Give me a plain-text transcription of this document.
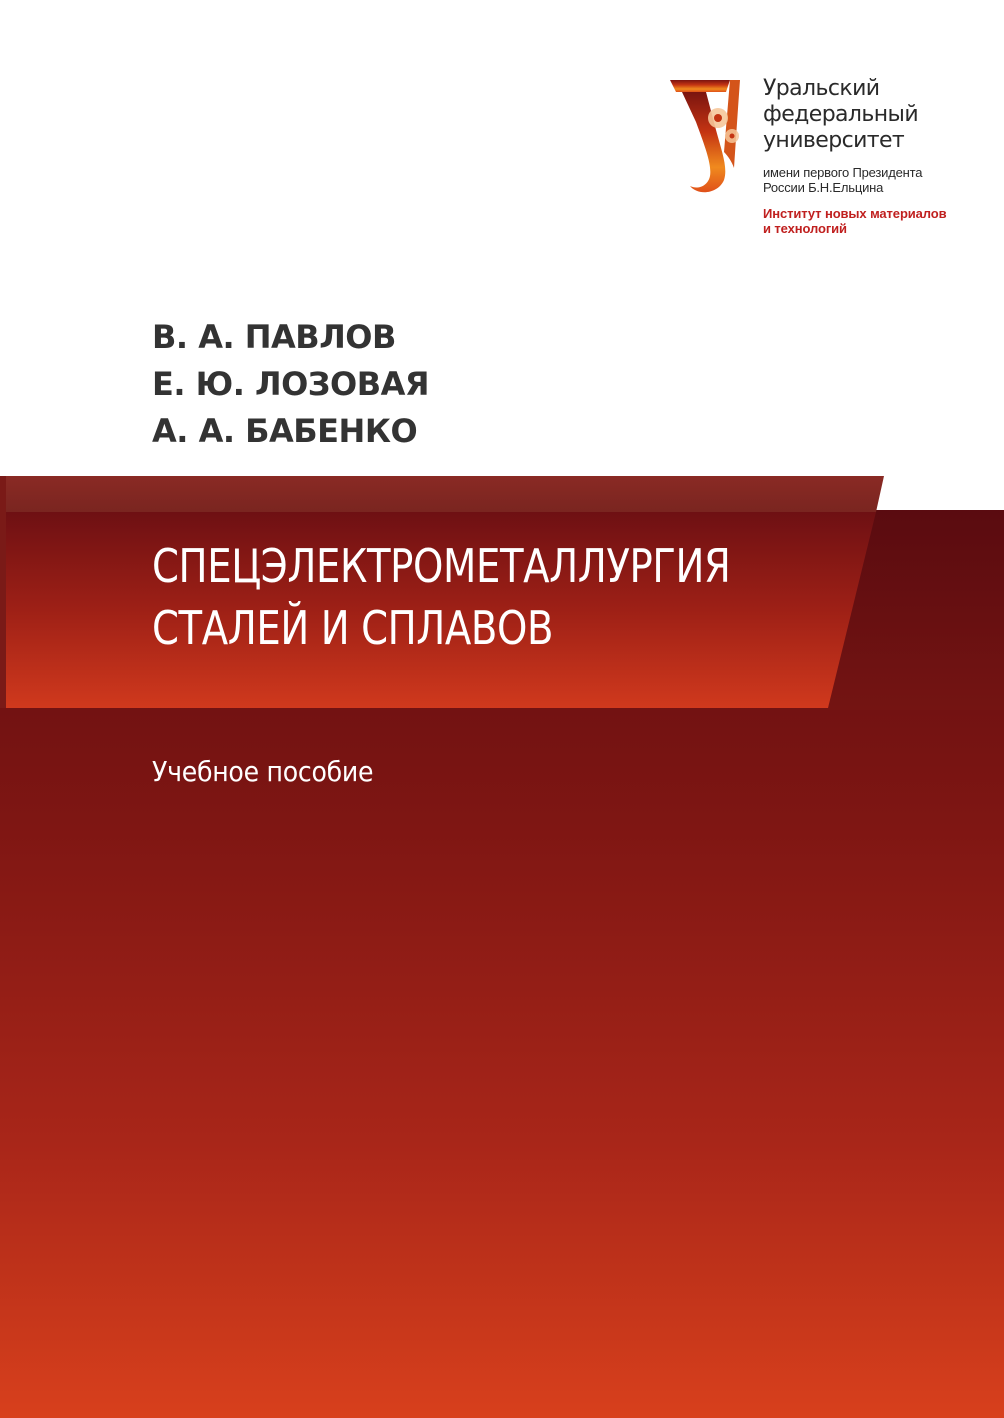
Уральский
федеральный
университет

имени первого Президента
России Б.Н.Ельцина

Институт новых материалов
и технологий

В. А. ПАВЛОВ
Е. Ю. ЛОЗОВАЯ
А. А. БАБЕНКО
СПЕЦЭЛЕКТРОМЕТАЛЛУРГИЯ
СТАЛЕЙ И СПЛАВОВ

Учебное пособие
